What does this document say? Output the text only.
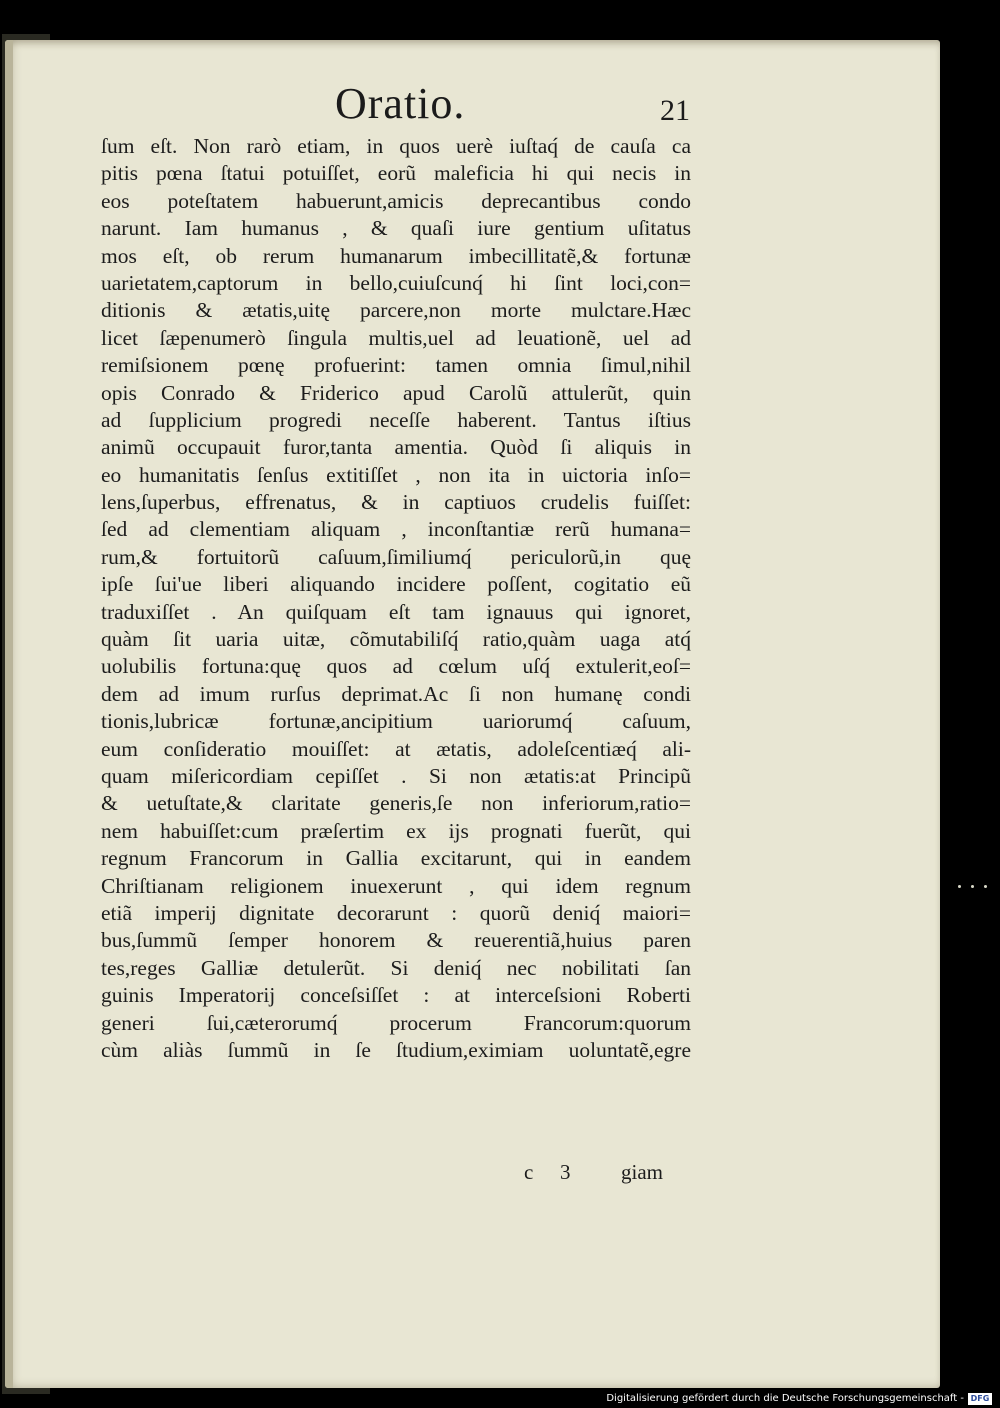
Oratio.	21
ſum eſt. Non rarò etiam, in quos uerè iuſtaq́ de cauſa ca
pitis pœna ſtatui potuiſſet, eorũ maleficia hi qui necis in
eos poteſtatem habuerunt,amicis deprecantibus condo
narunt. Iam humanus , & quaſi iure gentium uſitatus
mos eſt, ob rerum humanarum imbecillitatẽ,& fortunæ
uarietatem,captorum in bello,cuiuſcunq́ hi ſint loci,con=
ditionis & ætatis,uitę parcere,non morte mulctare.Hæc
licet ſæpenumerò ſingula multis,uel ad leuationẽ, uel ad
remiſsionem pœnę profuerint: tamen omnia ſimul,nihil
opis Conrado & Friderico apud Carolũ attulerũt, quin
ad ſupplicium progredi neceſſe haberent. Tantus iſtius
animũ occupauit furor,tanta amentia. Quòd ſi aliquis in
eo humanitatis ſenſus extitiſſet , non ita in uictoria inſo=
lens,ſuperbus, effrenatus, & in captiuos crudelis fuiſſet:
ſed ad clementiam aliquam , inconſtantiæ rerũ humana=
rum,& fortuitorũ caſuum,ſimiliumq́ periculorũ,in quę
ipſe ſui'ue liberi aliquando incidere poſſent, cogitatio eũ
traduxiſſet . An quiſquam eſt tam ignauus qui ignoret,
quàm ſit uaria uitæ, cõmutabiliſq́ ratio,quàm uaga atq́
uolubilis fortuna:quę quos ad cœlum uſq́ extulerit,eoſ=
dem ad imum rurſus deprimat.Ac ſi non humanę condi
tionis,lubricæ fortunæ,ancipitium uariorumq́ caſuum,
eum conſideratio mouiſſet: at ætatis, adoleſcentiæq́ ali-
quam miſericordiam cepiſſet . Si non ætatis:at Principũ
& uetuſtate,& claritate generis,ſe non inferiorum,ratio=
nem habuiſſet:cum præſertim ex ĳs prognati fuerũt, qui
regnum Francorum in Gallia excitarunt, qui in eandem
Chriſtianam religionem inuexerunt , qui idem regnum
etiã imperĳ dignitate decorarunt : quorũ deniq́ maiori=
bus,ſummũ ſemper honorem & reuerentiã,huius paren
tes,reges Galliæ detulerũt. Si deniq́ nec nobilitati ſan
guinis Imperatorĳ conceſsiſſet : at interceſsioni Roberti
generi ſui,cæterorumq́ procerum Francorum:quorum
cùm aliàs ſummũ in ſe ſtudium,eximiam uoluntatẽ,egre
c 3 giam
Digitalisierung gefördert durch die Deutsche Forschungsgemeinschaft - DFG
